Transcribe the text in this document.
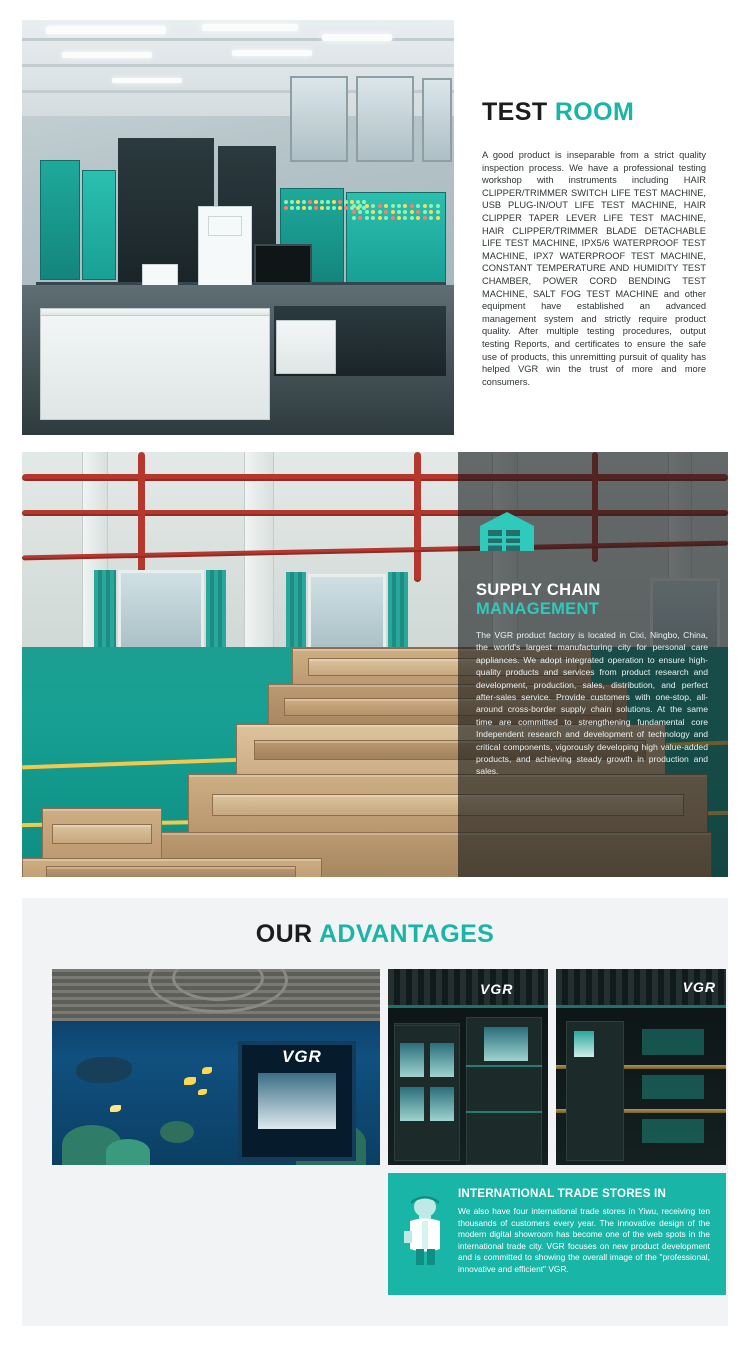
TEST ROOM

A good product is inseparable from a strict quality inspection process. We have a professional testing workshop with instruments including HAIR CLIPPER/TRIMMER SWITCH LIFE TEST MACHINE, USB PLUG-IN/OUT LIFE TEST MACHINE, HAIR CLIPPER TAPER LEVER LIFE TEST MACHINE, HAIR CLIPPER/TRIMMER BLADE DETACHABLE LIFE TEST MACHINE, IPX5/6 WATERPROOF TEST MACHINE, IPX7 WATERPROOF TEST MACHINE, CONSTANT TEMPERATURE AND HUMIDITY TEST CHAMBER, POWER CORD BENDING TEST MACHINE, SALT FOG TEST MACHINE and other equipment have established an advanced management system and strictly require product quality. After multiple testing procedures, output testing Reports, and certificates to ensure the safe use of products, this unremitting pursuit of quality has helped VGR win the trust of more and more consumers.

SUPPLY CHAIN
MANAGEMENT

The VGR product factory is located in Cixi, Ningbo, China, the world's largest manufacturing city for personal care appliances. We adopt integrated operation to ensure high-quality products and services from product research and development, production, sales, distribution, and perfect after-sales service. Provide customers with one-stop, all-around cross-border supply chain solutions. At the same time are committed to strengthening fundamental core Independent research and development of technology and critical components, vigorously developing high value-added products, and achieving steady growth in production and sales.

OUR ADVANTAGES
VGR
VGR	VGR
INTERNATIONAL TRADE STORES IN

We also have four international trade stores in Yiwu, receiving ten thousands of customers every year. The innovative design of the modern digital showroom has become one of the web spots in the international trade city. VGR focuses on new product development and is committed to showing the overall image of the "professional, innovative and efficient" VGR.
